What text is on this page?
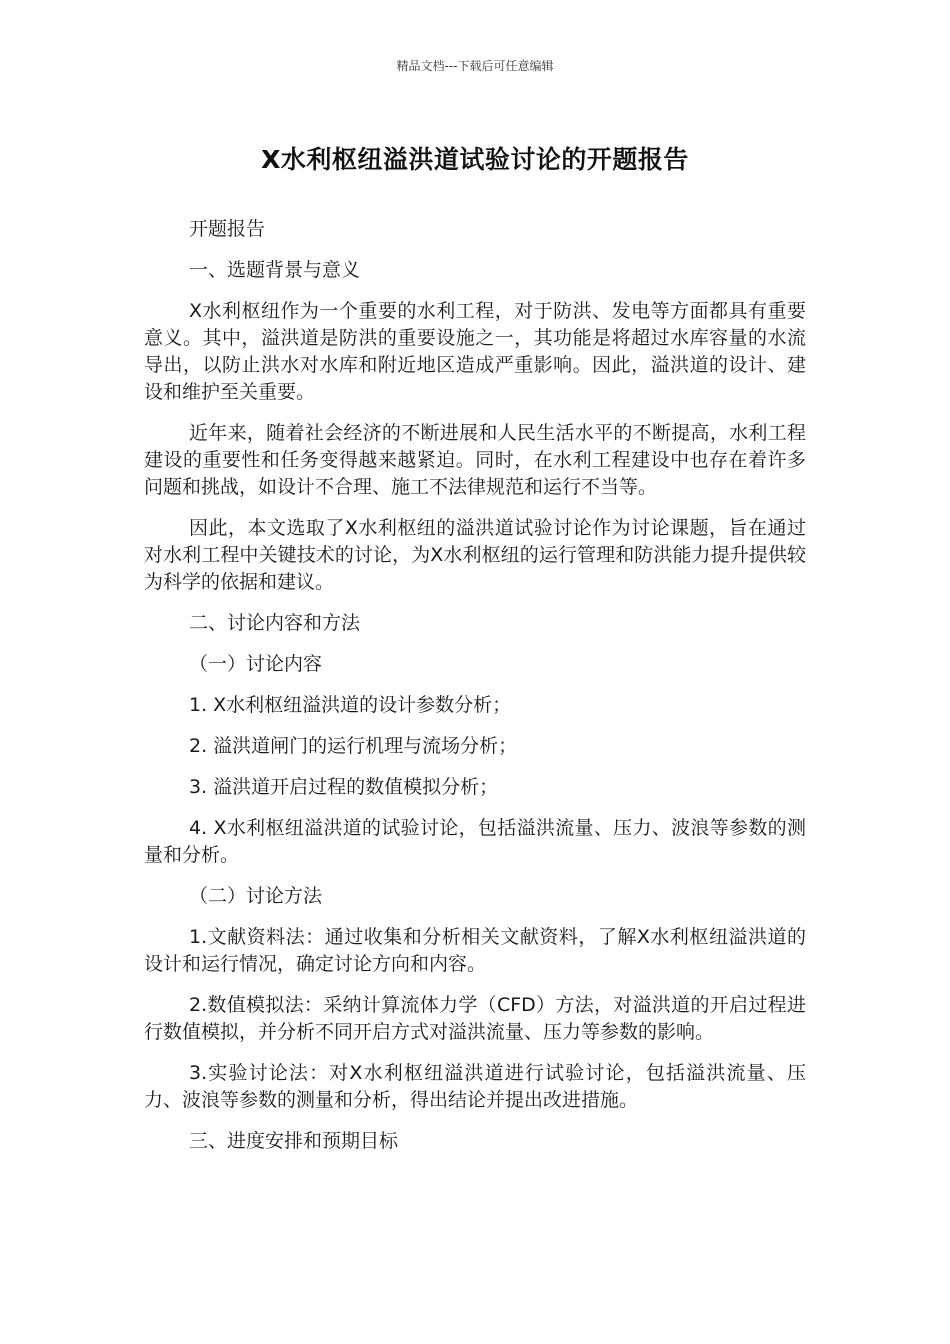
精品文档---下载后可任意编辑
X水利枢纽溢洪道试验讨论的开题报告

开题报告

一、选题背景与意义

X水利枢纽作为一个重要的水利工程，对于防洪、发电等方面都具有重要意义。其中，溢洪道是防洪的重要设施之一，其功能是将超过水库容量的水流导出，以防止洪水对水库和附近地区造成严重影响。因此，溢洪道的设计、建设和维护至关重要。

近年来，随着社会经济的不断进展和人民生活水平的不断提高，水利工程建设的重要性和任务变得越来越紧迫。同时，在水利工程建设中也存在着许多问题和挑战，如设计不合理、施工不法律规范和运行不当等。

因此，本文选取了X水利枢纽的溢洪道试验讨论作为讨论课题，旨在通过对水利工程中关键技术的讨论，为X水利枢纽的运行管理和防洪能力提升提供较为科学的依据和建议。

二、讨论内容和方法

（一）讨论内容

1. X水利枢纽溢洪道的设计参数分析；

2. 溢洪道闸门的运行机理与流场分析；

3. 溢洪道开启过程的数值模拟分析；

4. X水利枢纽溢洪道的试验讨论，包括溢洪流量、压力、波浪等参数的测量和分析。

（二）讨论方法

1.文献资料法：通过收集和分析相关文献资料，了解X水利枢纽溢洪道的设计和运行情况，确定讨论方向和内容。

2.数值模拟法：采纳计算流体力学（CFD）方法，对溢洪道的开启过程进行数值模拟，并分析不同开启方式对溢洪流量、压力等参数的影响。

3.实验讨论法：对X水利枢纽溢洪道进行试验讨论，包括溢洪流量、压力、波浪等参数的测量和分析，得出结论并提出改进措施。

三、进度安排和预期目标
